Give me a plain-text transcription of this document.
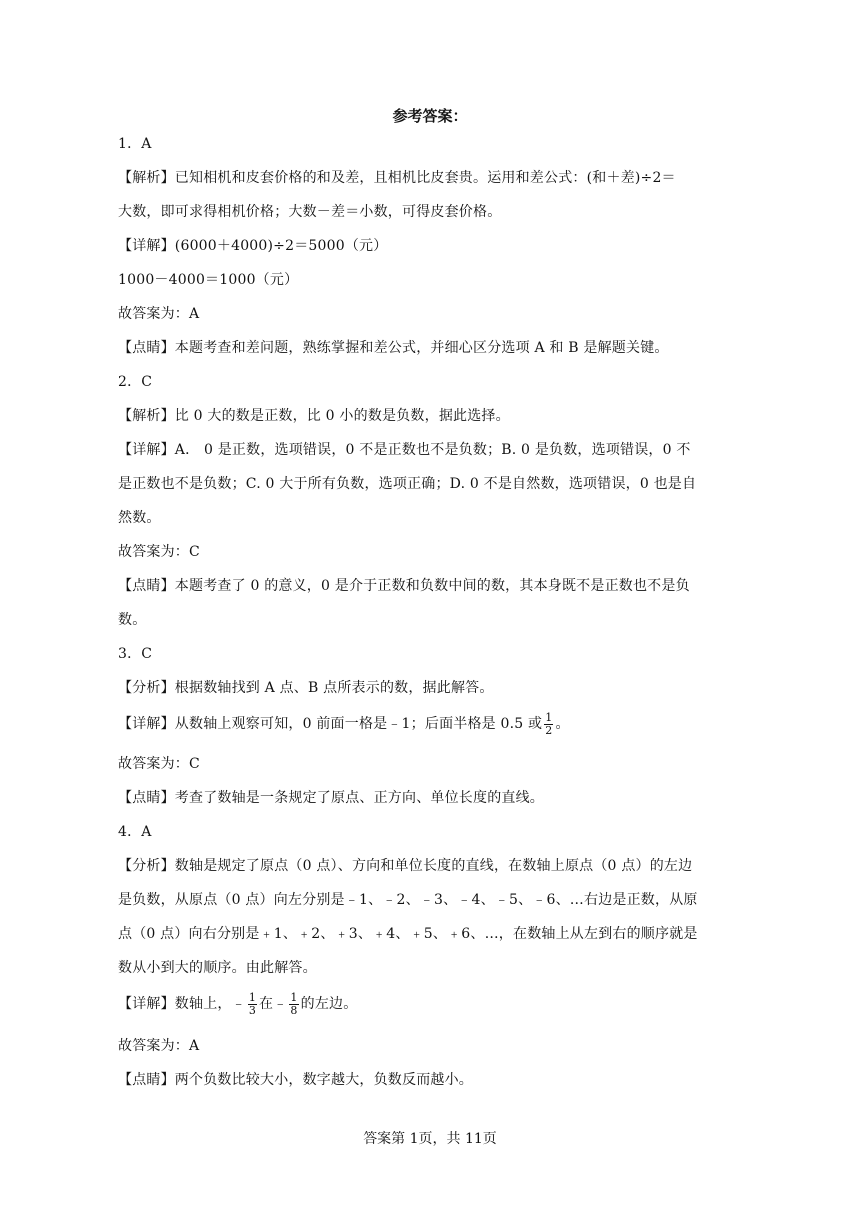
参考答案：
1．A
【解析】已知相机和皮套价格的和及差，且相机比皮套贵。运用和差公式：(和＋差)÷2＝
大数，即可求得相机价格；大数－差＝小数，可得皮套价格。
【详解】(6000＋4000)÷2＝5000（元）
1000－4000＝1000（元）
故答案为：A
【点睛】本题考查和差问题，熟练掌握和差公式，并细心区分选项 A 和 B 是解题关键。
2．C
【解析】比 0 大的数是正数，比 0 小的数是负数，据此选择。
【详解】A． 0 是正数，选项错误，0 不是正数也不是负数；B. 0 是负数，选项错误，0 不
是正数也不是负数；C. 0 大于所有负数，选项正确；D. 0 不是自然数，选项错误，0 也是自
然数。
故答案为：C
【点睛】本题考查了 0 的意义，0 是介于正数和负数中间的数，其本身既不是正数也不是负
数。
3．C
【分析】根据数轴找到 A 点、B 点所表示的数，据此解答。
【详解】从数轴上观察可知，0 前面一格是﹣1；后面半格是 0.5 或 $\frac{1}{2}$ 。
故答案为：C
【点睛】考查了数轴是一条规定了原点、正方向、单位长度的直线。
4．A
【分析】数轴是规定了原点（0 点）、方向和单位长度的直线，在数轴上原点（0 点）的左边
是负数，从原点（0 点）向左分别是﹣1、﹣2、﹣3、﹣4、﹣5、﹣6、…右边是正数，从原
点（0 点）向右分别是﹢1、﹢2、﹢3、﹢4、﹢5、﹢6、…，在数轴上从左到右的顺序就是
数从小到大的顺序。由此解答。
【详解】数轴上，﹣ $\frac{1}{3}$ 在﹣ $\frac{1}{8}$ 的左边。
故答案为：A
【点睛】两个负数比较大小，数字越大，负数反而越小。
答案第 1页，共 11页
